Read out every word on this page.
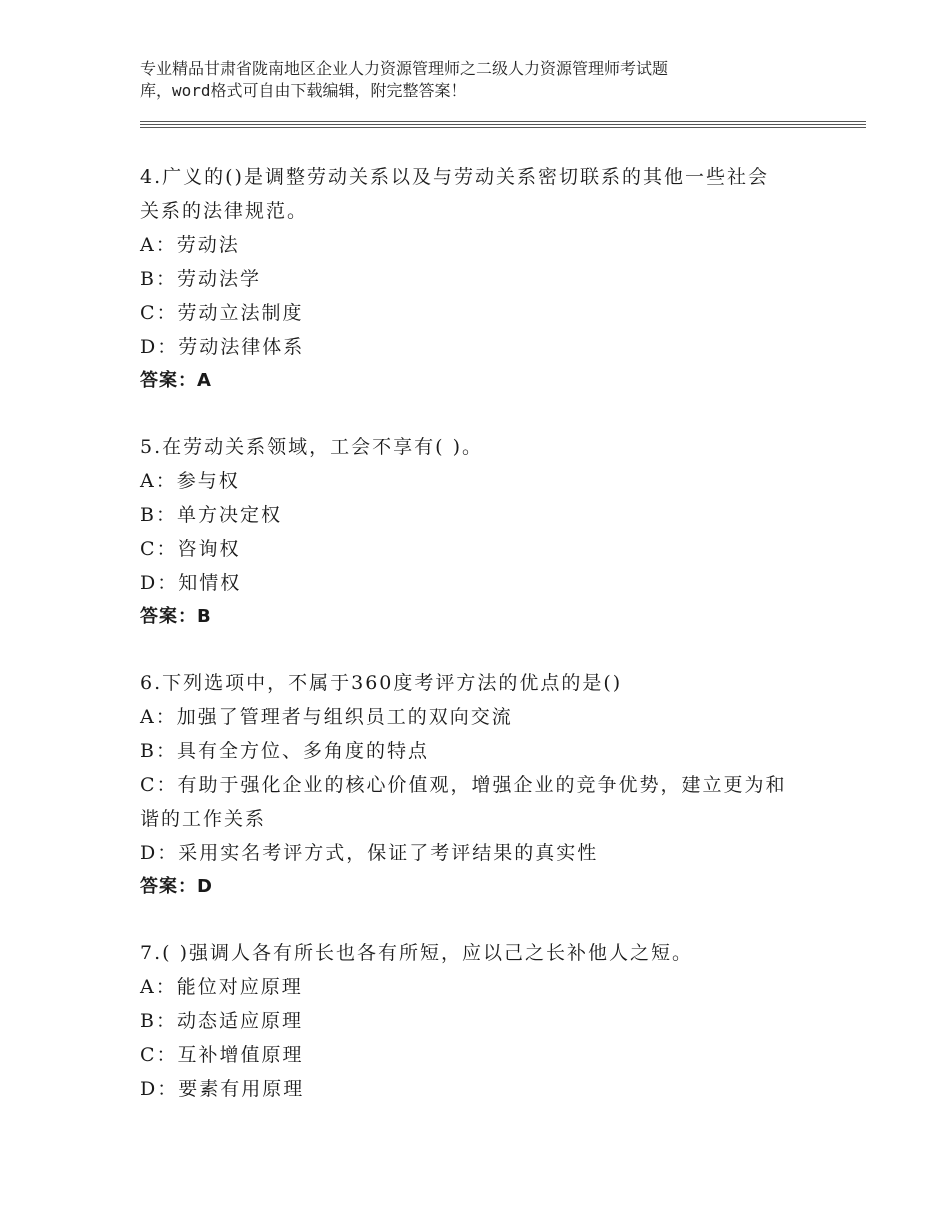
专业精品甘肃省陇南地区企业人力资源管理师之二级人力资源管理师考试题
库，word格式可自由下载编辑，附完整答案！
4.广义的()是调整劳动关系以及与劳动关系密切联系的其他一些社会
关系的法律规范。
A：劳动法
B：劳动法学
C：劳动立法制度
D：劳动法律体系
答案：A
5.在劳动关系领域，工会不享有( )。
A：参与权
B：单方决定权
C：咨询权
D：知情权
答案：B
6.下列选项中，不属于360度考评方法的优点的是()
A：加强了管理者与组织员工的双向交流
B：具有全方位、多角度的特点
C：有助于强化企业的核心价值观，增强企业的竞争优势，建立更为和
谐的工作关系
D：采用实名考评方式，保证了考评结果的真实性
答案：D
7.( )强调人各有所长也各有所短，应以己之长补他人之短。
A：能位对应原理
B：动态适应原理
C：互补增值原理
D：要素有用原理
